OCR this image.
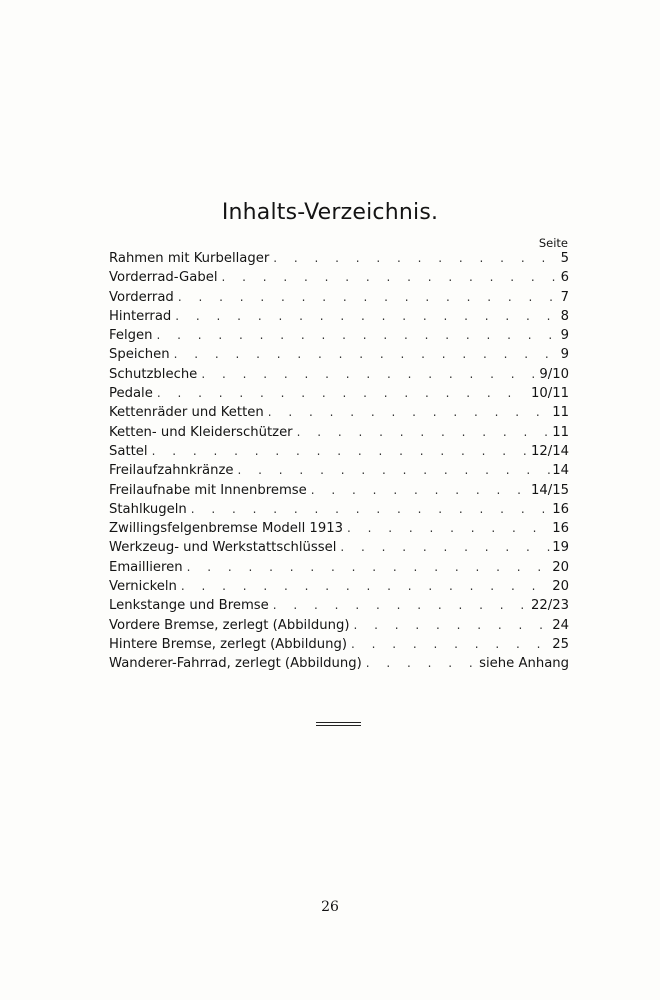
Inhalts-Verzeichnis.
Seite
Rahmen mit Kurbellager . . .	5
Vorderrad-Gabel . . .	6
Vorderrad . . .	7
Hinterrad . . .	8
Felgen . . .	9
Speichen . . .	9
Schutzbleche . . .	9/10
Pedale . . .	10/11
Kettenräder und Ketten . . .	11
Ketten- und Kleiderschützer . . .	11
Sattel . . .	12/14
Freilaufzahnkränze . . .	14
Freilaufnabe mit Innenbremse . . .	14/15
Stahlkugeln . . .	16
Zwillingsfelgenbremse Modell 1913 . . .	16
Werkzeug- und Werkstattschlüssel . . .	19
Emaillieren . . .	20
Vernickeln . . .	20
Lenkstange und Bremse . . .	22/23
Vordere Bremse, zerlegt (Abbildung) . . .	24
Hintere Bremse, zerlegt (Abbildung) . . .	25
Wanderer-Fahrrad, zerlegt (Abbildung) . . .	siehe Anhang
26
